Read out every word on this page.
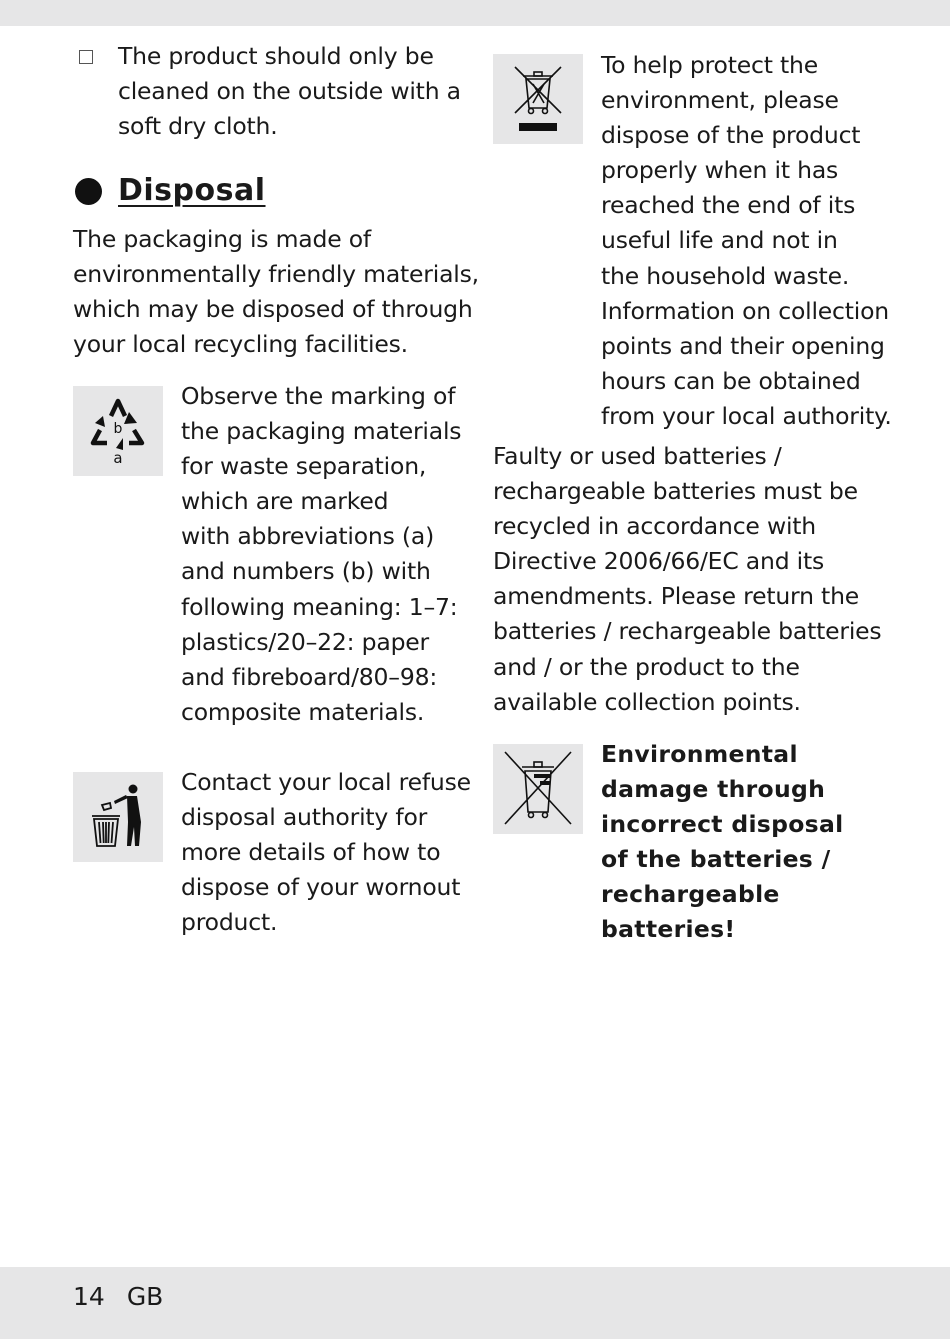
The product should only be
cleaned on the outside with a
soft dry cloth.
Disposal
The packaging is made of
environmentally friendly materials,
which may be disposed of through
your local recycling facilities.
b
a
Observe the marking of
the packaging materials
for waste separation,
which are marked
with abbreviations (a)
and numbers (b) with
following meaning: 1–7:
plastics/20–22: paper
and fibreboard/80–98:
composite materials.
Contact your local refuse
disposal authority for
more details of how to
dispose of your wornout
product.
To help protect the
environment, please
dispose of the product
properly when it has
reached the end of its
useful life and not in
the household waste.
Information on collection
points and their opening
hours can be obtained
from your local authority.
Faulty or used batteries /
rechargeable batteries must be
recycled in accordance with
Directive 2006/66/EC and its
amendments. Please return the
batteries / rechargeable batteries
and / or the product to the
available collection points.
Environmental
damage through
incorrect disposal
of the batteries /
rechargeable
batteries!
14 GB
